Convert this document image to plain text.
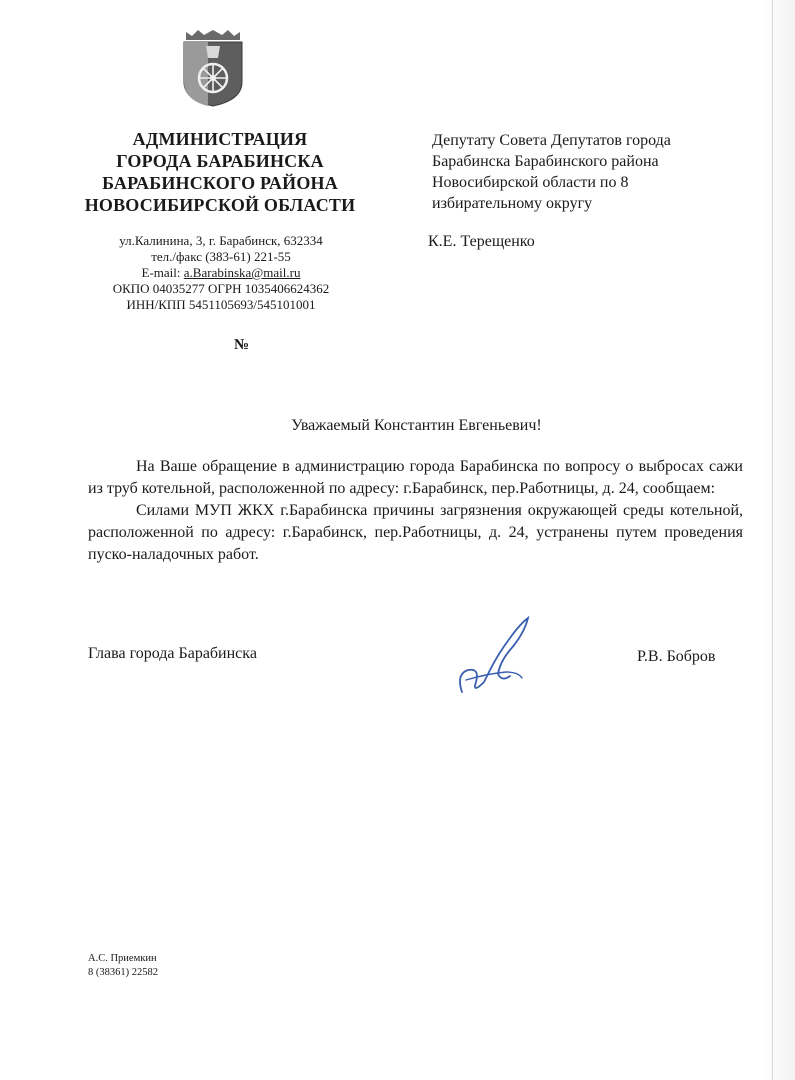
АДМИНИСТРАЦИЯ
ГОРОДА БАРАБИНСКА
БАРАБИНСКОГО РАЙОНА
НОВОСИБИРСКОЙ ОБЛАСТИ
ул.Калинина, 3, г. Барабинск, 632334
тел./факс (383-61) 221-55
E-mail: a.Barabinska@mail.ru
ОКПО 04035277 ОГРН 1035406624362
ИНН/КПП 5451105693/545101001
№
Депутату Совета Депутатов города
Барабинска Барабинского района
Новосибирской области по 8
избирательному округу
К.Е. Терещенко
Уважаемый Константин Евгеньевич!

На Ваше обращение в администрацию города Барабинска по вопросу о выбросах сажи из труб котельной, расположенной по адресу: г.Барабинск, пер.Работницы, д. 24, сообщаем:

Силами МУП ЖКХ г.Барабинска причины загрязнения окружающей среды котельной, расположенной по адресу: г.Барабинск, пер.Работницы, д. 24, устранены путем проведения пуско-наладочных работ.

Глава города Барабинска	Р.В. Бобров
А.С. Приемкин
8 (38361) 22582
